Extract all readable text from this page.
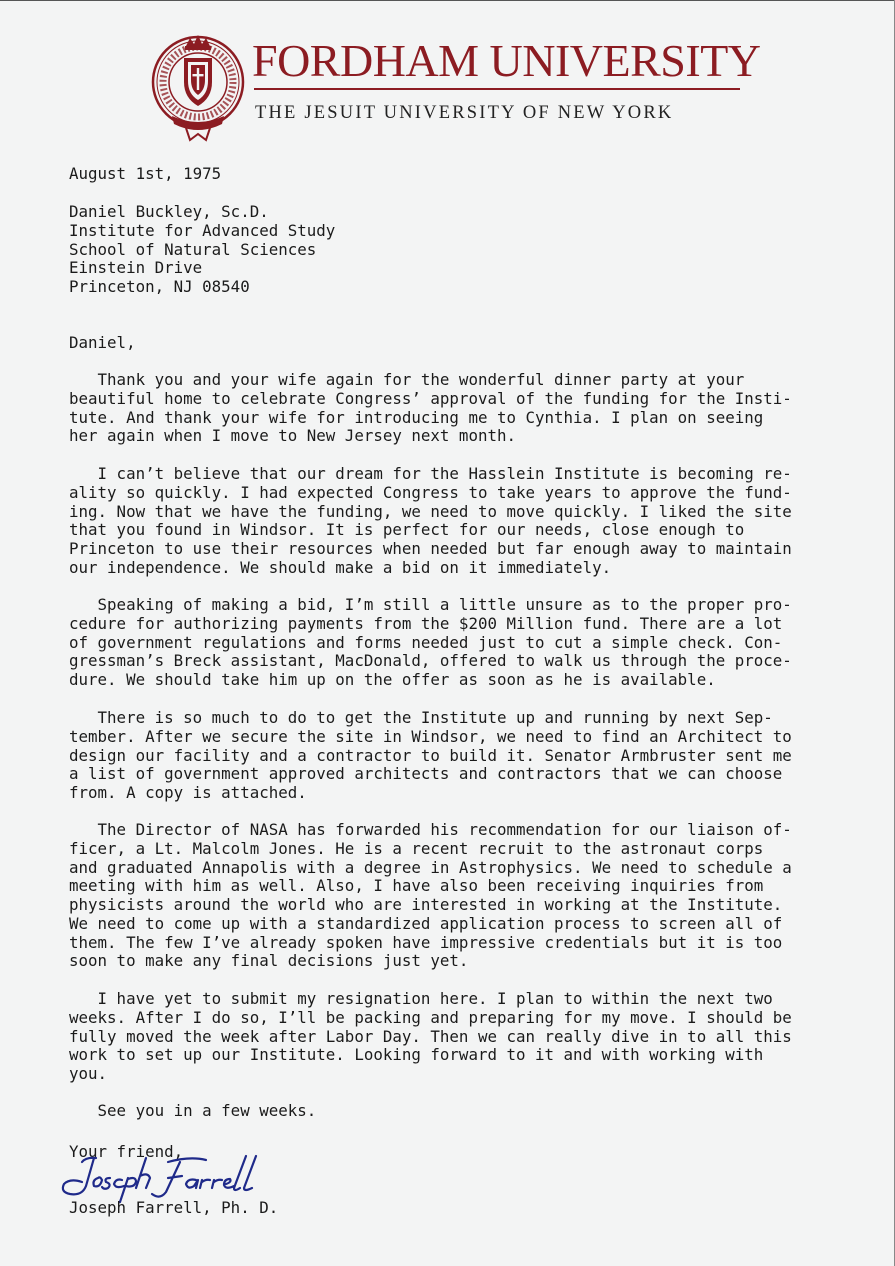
FORDHAM UNIVERSITY
THE JESUIT UNIVERSITY OF NEW YORK
August 1st, 1975
Daniel Buckley, Sc.D.
Institute for Advanced Study
School of Natural Sciences
Einstein Drive
Princeton, NJ 08540
Daniel,
Thank you and your wife again for the wonderful dinner party at your
beautiful home to celebrate Congress’ approval of the funding for the Insti-
tute. And thank your wife for introducing me to Cynthia. I plan on seeing
her again when I move to New Jersey next month.
I can’t believe that our dream for the Hasslein Institute is becoming re-
ality so quickly. I had expected Congress to take years to approve the fund-
ing. Now that we have the funding, we need to move quickly. I liked the site
that you found in Windsor. It is perfect for our needs, close enough to
Princeton to use their resources when needed but far enough away to maintain
our independence. We should make a bid on it immediately.
Speaking of making a bid, I’m still a little unsure as to the proper pro-
cedure for authorizing payments from the $200 Million fund. There are a lot
of government regulations and forms needed just to cut a simple check. Con-
gressman’s Breck assistant, MacDonald, offered to walk us through the proce-
dure. We should take him up on the offer as soon as he is available.
There is so much to do to get the Institute up and running by next Sep-
tember. After we secure the site in Windsor, we need to find an Architect to
design our facility and a contractor to build it. Senator Armbruster sent me
a list of government approved architects and contractors that we can choose
from. A copy is attached.
The Director of NASA has forwarded his recommendation for our liaison of-
ficer, a Lt. Malcolm Jones. He is a recent recruit to the astronaut corps
and graduated Annapolis with a degree in Astrophysics. We need to schedule a
meeting with him as well. Also, I have also been receiving inquiries from
physicists around the world who are interested in working at the Institute.
We need to come up with a standardized application process to screen all of
them. The few I’ve already spoken have impressive credentials but it is too
soon to make any final decisions just yet.
I have yet to submit my resignation here. I plan to within the next two
weeks. After I do so, I’ll be packing and preparing for my move. I should be
fully moved the week after Labor Day. Then we can really dive in to all this
work to set up our Institute. Looking forward to it and with working with
you.
See you in a few weeks.
Your friend,
Joseph Farrell, Ph. D.
